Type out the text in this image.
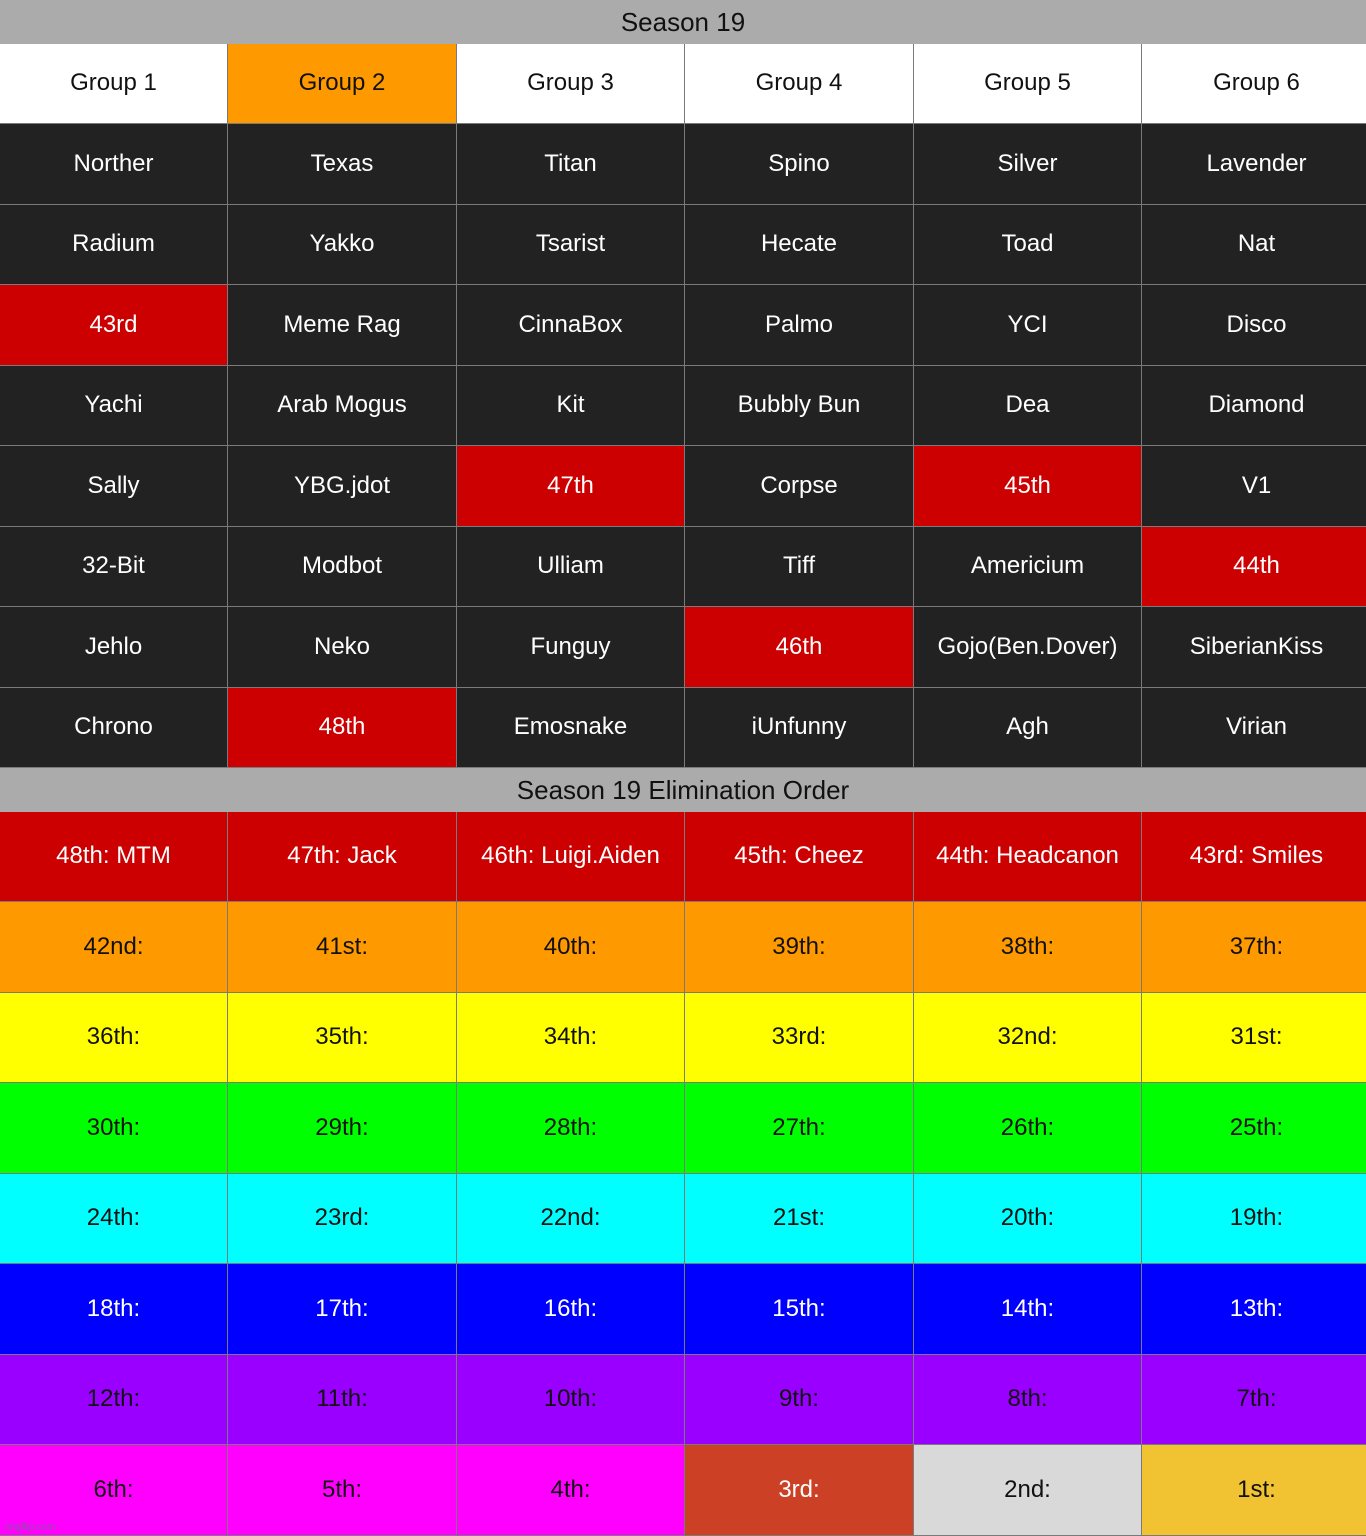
Season 19
Group 1	Group 2	Group 3	Group 4	Group 5	Group 6
Norther	Texas	Titan	Spino	Silver	Lavender
Radium	Yakko	Tsarist	Hecate	Toad	Nat
43rd	Meme Rag	CinnaBox	Palmo	YCI	Disco
Yachi	Arab Mogus	Kit	Bubbly Bun	Dea	Diamond
Sally	YBG.jdot	47th	Corpse	45th	V1
32-Bit	Modbot	Ulliam	Tiff	Americium	44th
Jehlo	Neko	Funguy	46th	Gojo(Ben.Dover)	SiberianKiss
Chrono	48th	Emosnake	iUnfunny	Agh	Virian
Season 19 Elimination Order
48th: MTM	47th: Jack	46th: Luigi.Aiden	45th: Cheez	44th: Headcanon	43rd: Smiles
42nd:	41st:	40th:	39th:	38th:	37th:
36th:	35th:	34th:	33rd:	32nd:	31st:
30th:	29th:	28th:	27th:	26th:	25th:
24th:	23rd:	22nd:	21st:	20th:	19th:
18th:	17th:	16th:	15th:	14th:	13th:
12th:	11th:	10th:	9th:	8th:	7th:
6th:	5th:	4th:	3rd:	2nd:	1st:
imgflip.com
